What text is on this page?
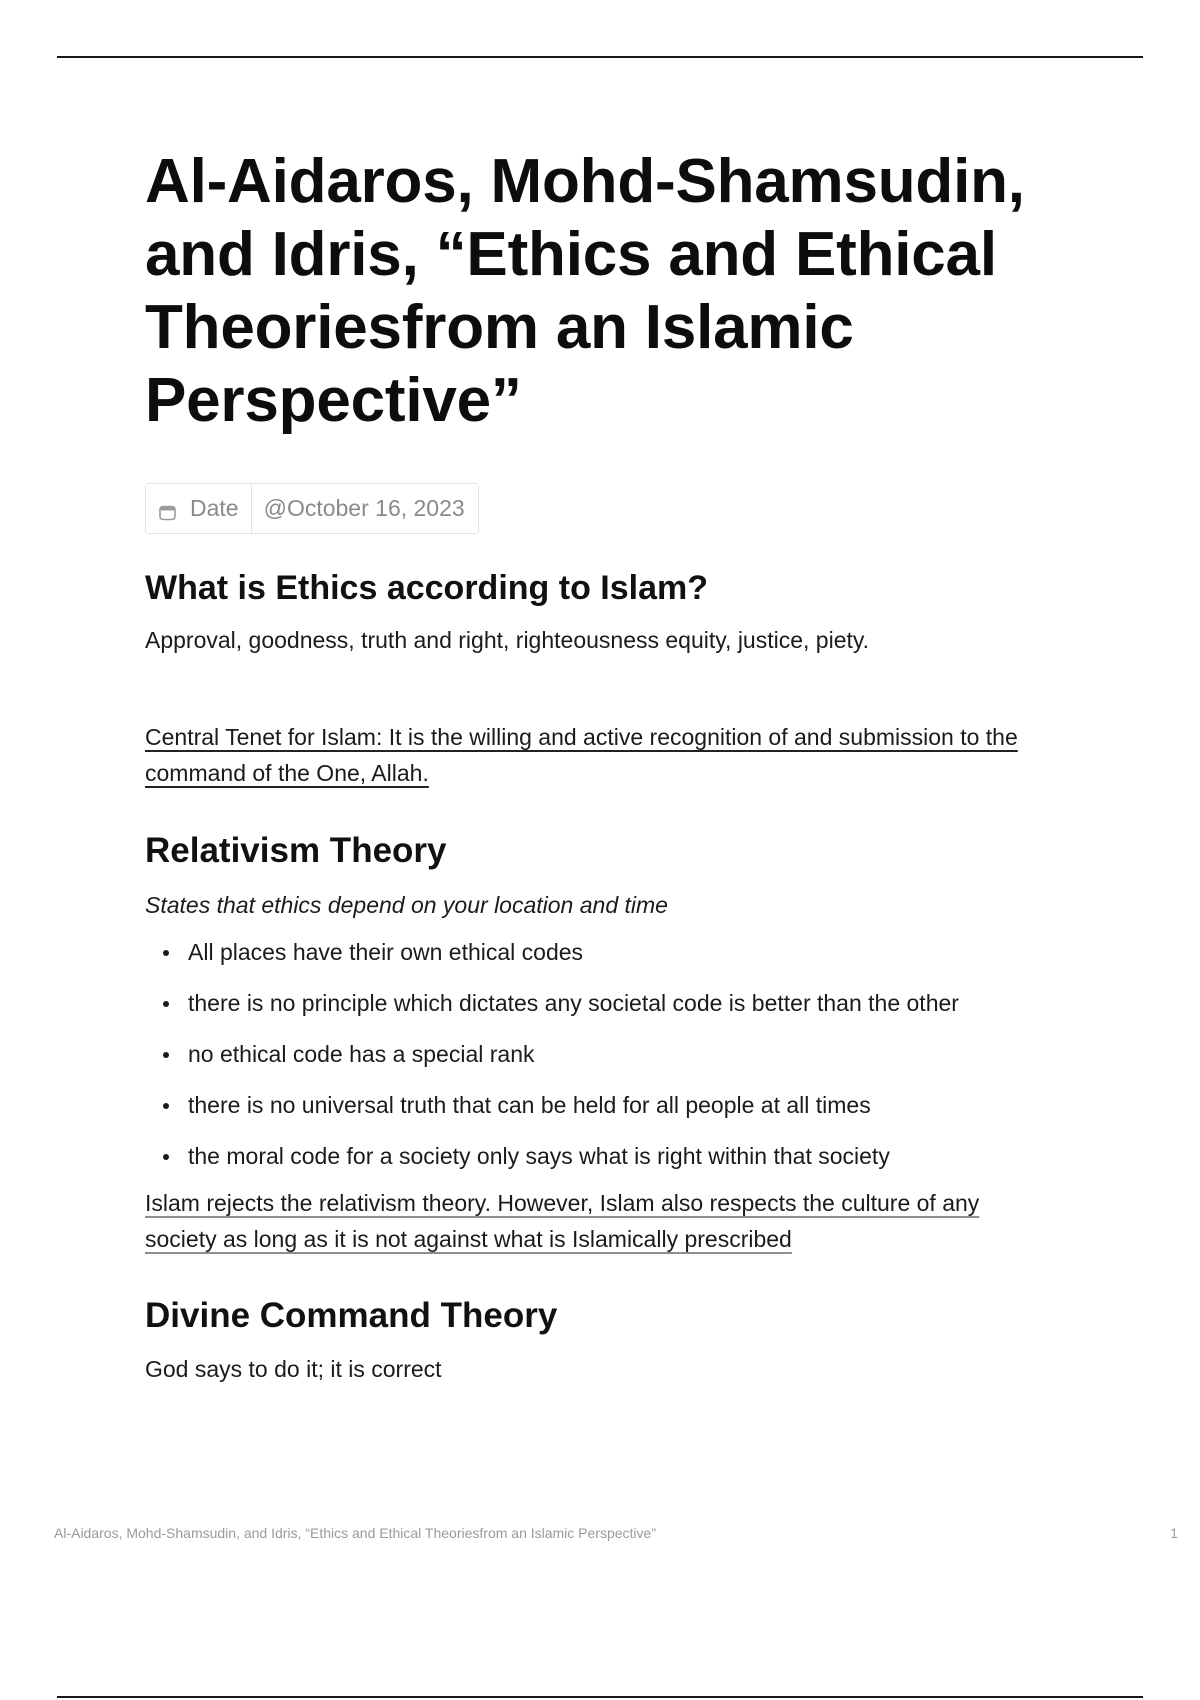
Al-Aidaros, Mohd-Shamsudin, and Idris, “Ethics and Ethical Theoriesfrom an Islamic Perspective”
Date @October 16, 2023
What is Ethics according to Islam?

Approval, goodness, truth and right, righteousness equity, justice, piety.

Central Tenet for Islam: It is the willing and active recognition of and submission to the command of the One, Allah.

Relativism Theory

States that ethics depend on your location and time

All places have their own ethical codes
there is no principle which dictates any societal code is better than the other
no ethical code has a special rank
there is no universal truth that can be held for all people at all times
the moral code for a society only says what is right within that society

Islam rejects the relativism theory. However, Islam also respects the culture of any society as long as it is not against what is Islamically prescribed

Divine Command Theory

God says to do it; it is correct

Al-Aidaros, Mohd-Shamsudin, and Idris, “Ethics and Ethical Theoriesfrom an Islamic Perspective”	1
